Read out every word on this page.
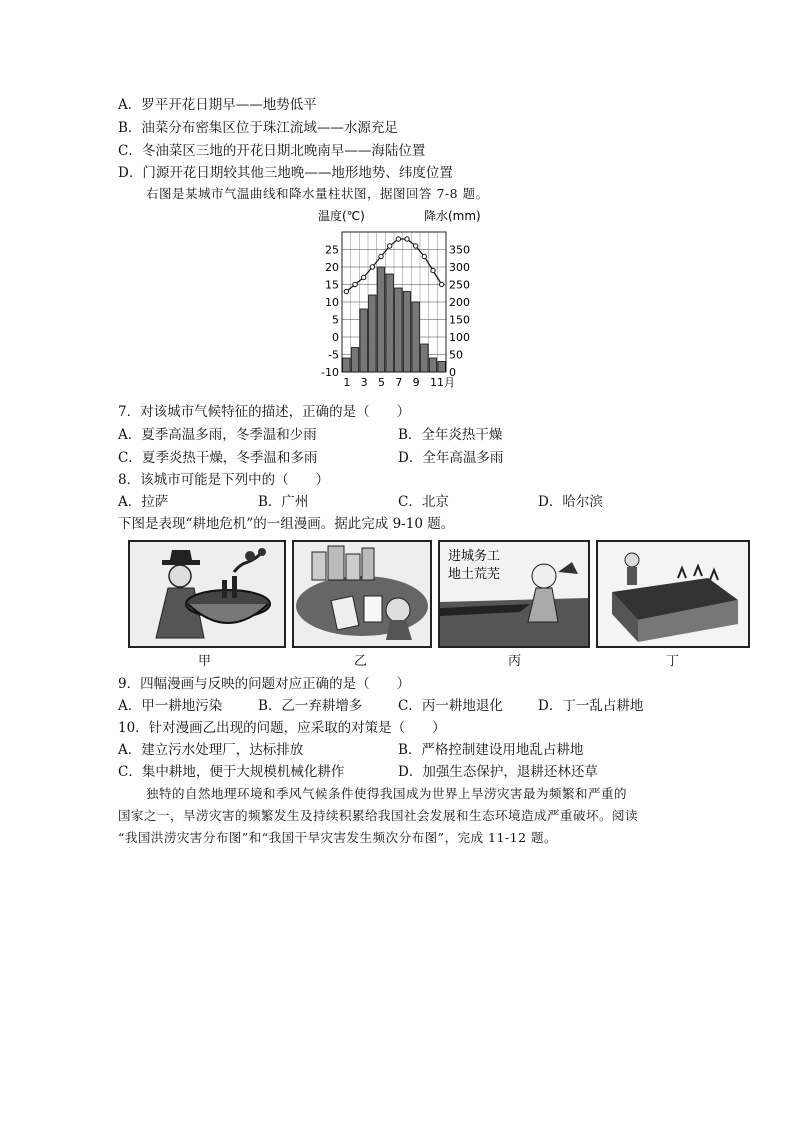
A．罗平开花日期早——地势低平
B．油菜分布密集区位于珠江流域——水源充足
C．冬油菜区三地的开花日期北晚南早——海陆位置
D．门源开花日期较其他三地晚——地形地势、纬度位置
右图是某城市气温曲线和降水量柱状图，据图回答 7-8 题。
温度(℃)	降水(mm)
25
20
15
10
5
0
-5
-10
350
300
250
200
150
100
50
0
1 3 5 7 9 11月
7．对该城市气候特征的描述，正确的是（　　）
A．夏季高温多雨，冬季温和少雨	B．全年炎热干燥
C．夏季炎热干燥，冬季温和多雨	D．全年高温多雨
8．该城市可能是下列中的（　　）
A．拉萨	B．广州	C．北京	D．哈尔滨
下图是表现“耕地危机”的一组漫画。据此完成 9-10 题。
进城务工
地土荒芜
甲	乙	丙	丁
9．四幅漫画与反映的问题对应正确的是（　　）
A．甲一耕地污染	B．乙一弃耕增多	C．丙一耕地退化	D．丁一乱占耕地
10．针对漫画乙出现的问题，应采取的对策是（　　）
A．建立污水处理厂，达标排放	B．严格控制建设用地乱占耕地
C．集中耕地，便于大规模机械化耕作	D．加强生态保护，退耕还林还草
独特的自然地理环境和季风气候条件使得我国成为世界上旱涝灾害最为频繁和严重的
国家之一，旱涝灾害的频繁发生及持续积累给我国社会发展和生态环境造成严重破坏。阅读
“我国洪涝灾害分布图”和“我国干旱灾害发生频次分布图”，完成 11-12 题。
